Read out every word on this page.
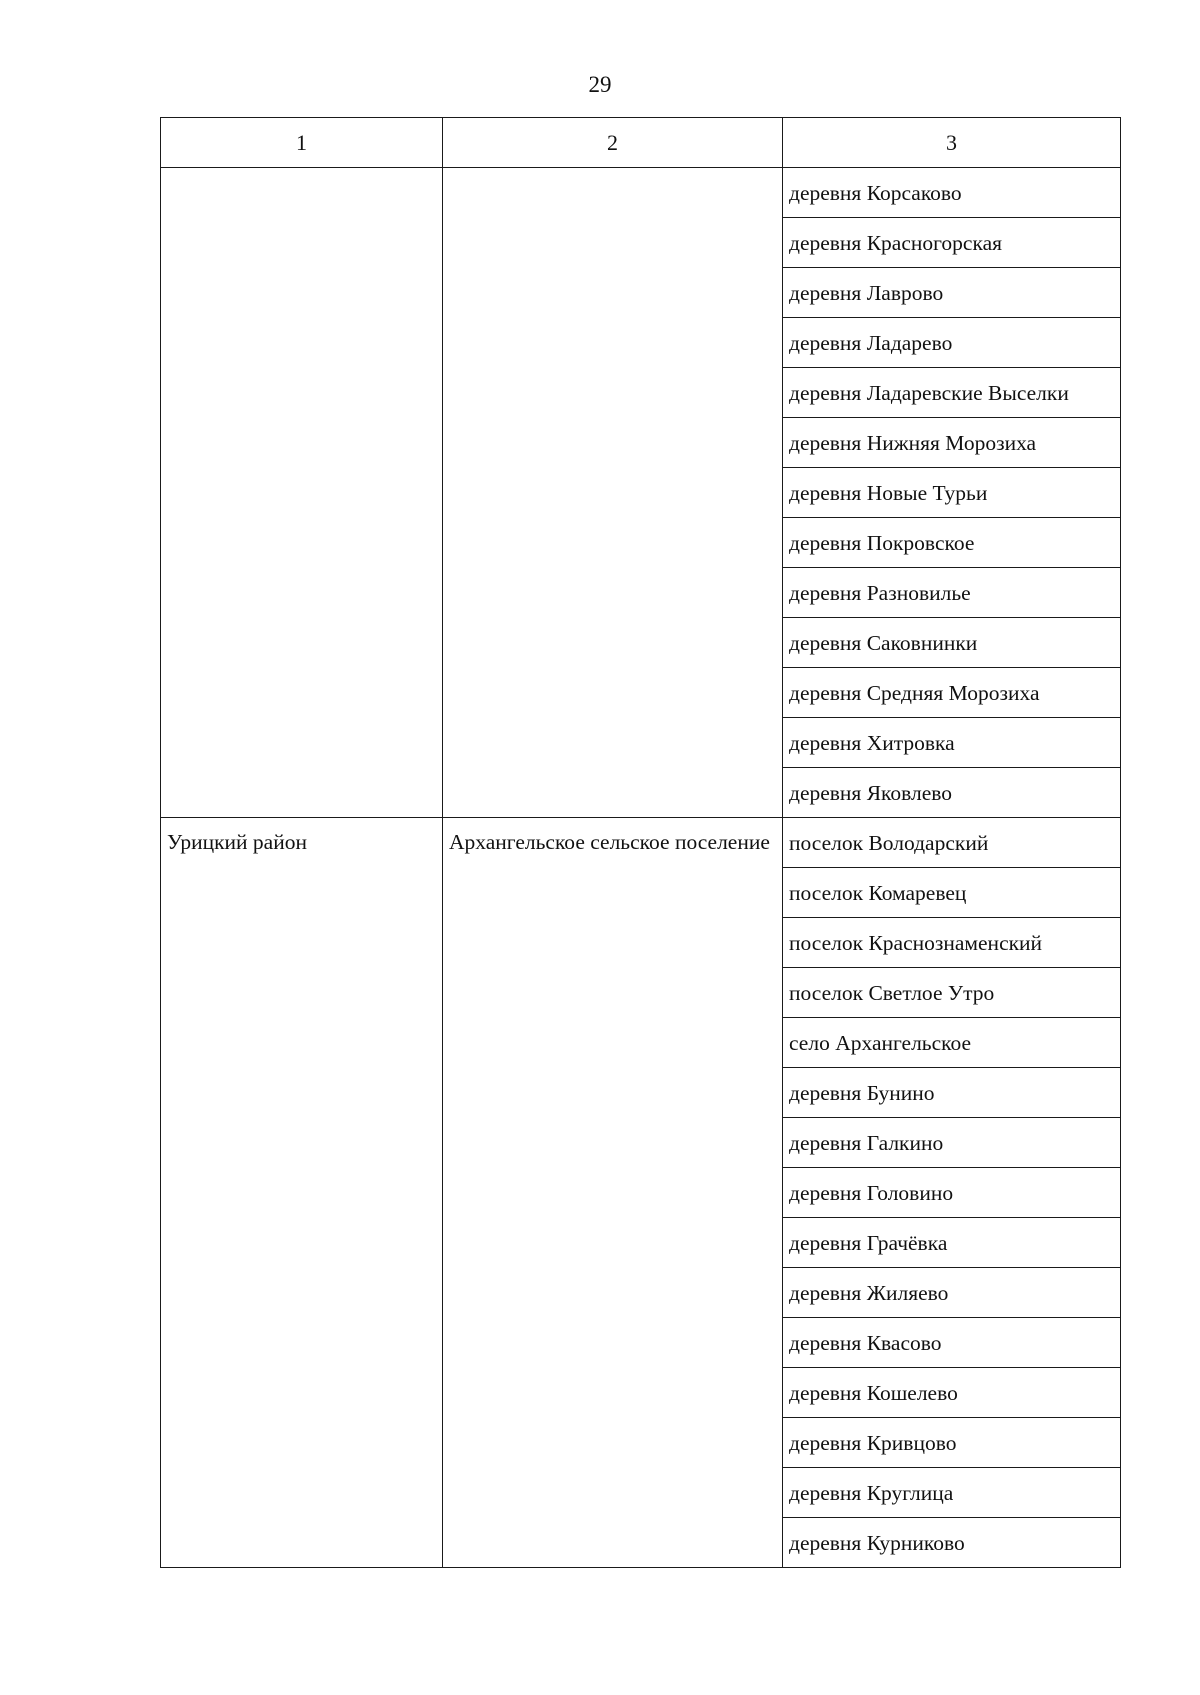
29
1	2	3
		деревня Корсаково
		деревня Красногорская
		деревня Лаврово
		деревня Ладарево
		деревня Ладаревские Выселки
		деревня Нижняя Морозиха
		деревня Новые Турьи
		деревня Покровское
		деревня Разновилье
		деревня Саковнинки
		деревня Средняя Морозиха
		деревня Хитровка
		деревня Яковлево
Урицкий район	Архангельское сельское поселение	поселок Володарский
		поселок Комаревец
		поселок Краснознаменский
		поселок Светлое Утро
		село Архангельское
		деревня Бунино
		деревня Галкино
		деревня Головино
		деревня Грачёвка
		деревня Жиляево
		деревня Квасово
		деревня Кошелево
		деревня Кривцово
		деревня Круглица
		деревня Курниково
